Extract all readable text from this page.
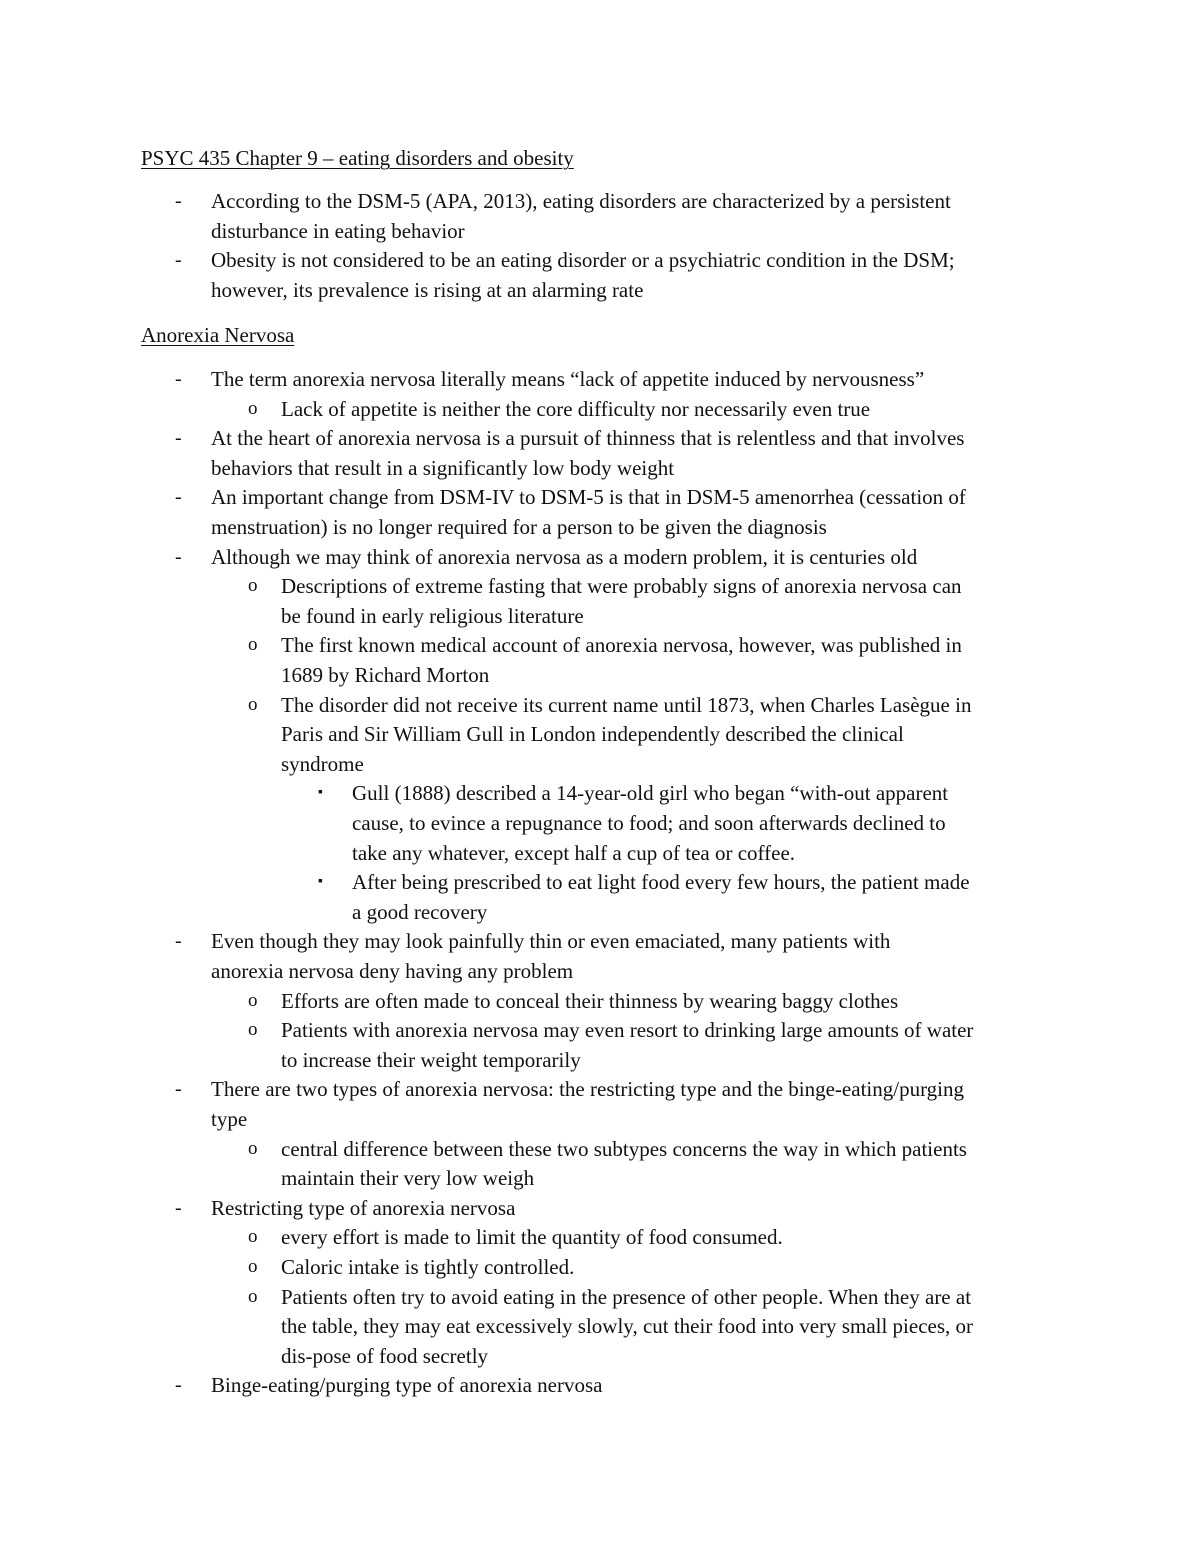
PSYC 435 Chapter 9 – eating disorders and obesity
- According to the DSM-5 (APA, 2013), eating disorders are characterized by a persistent
disturbance in eating behavior
- Obesity is not considered to be an eating disorder or a psychiatric condition in the DSM;
however, its prevalence is rising at an alarming rate
Anorexia Nervosa
- The term anorexia nervosa literally means “lack of appetite induced by nervousness”
o Lack of appetite is neither the core difficulty nor necessarily even true
- At the heart of anorexia nervosa is a pursuit of thinness that is relentless and that involves
behaviors that result in a significantly low body weight
- An important change from DSM-IV to DSM-5 is that in DSM-5 amenorrhea (cessation of
menstruation) is no longer required for a person to be given the diagnosis
- Although we may think of anorexia nervosa as a modern problem, it is centuries old
o Descriptions of extreme fasting that were probably signs of anorexia nervosa can
be found in early religious literature
o The first known medical account of anorexia nervosa, however, was published in
1689 by Richard Morton
o The disorder did not receive its current name until 1873, when Charles Lasègue in
Paris and Sir William Gull in London independently described the clinical
syndrome
▪ Gull (1888) described a 14-year-old girl who began “with-out apparent
cause, to evince a repugnance to food; and soon afterwards declined to
take any whatever, except half a cup of tea or coffee.
▪ After being prescribed to eat light food every few hours, the patient made
a good recovery
- Even though they may look painfully thin or even emaciated, many patients with
anorexia nervosa deny having any problem
o Efforts are often made to conceal their thinness by wearing baggy clothes
o Patients with anorexia nervosa may even resort to drinking large amounts of water
to increase their weight temporarily
- There are two types of anorexia nervosa: the restricting type and the binge-eating/purging
type
o central difference between these two subtypes concerns the way in which patients
maintain their very low weigh
- Restricting type of anorexia nervosa
o every effort is made to limit the quantity of food consumed.
o Caloric intake is tightly controlled.
o Patients often try to avoid eating in the presence of other people. When they are at
the table, they may eat excessively slowly, cut their food into very small pieces, or
dis-pose of food secretly
- Binge-eating/purging type of anorexia nervosa
